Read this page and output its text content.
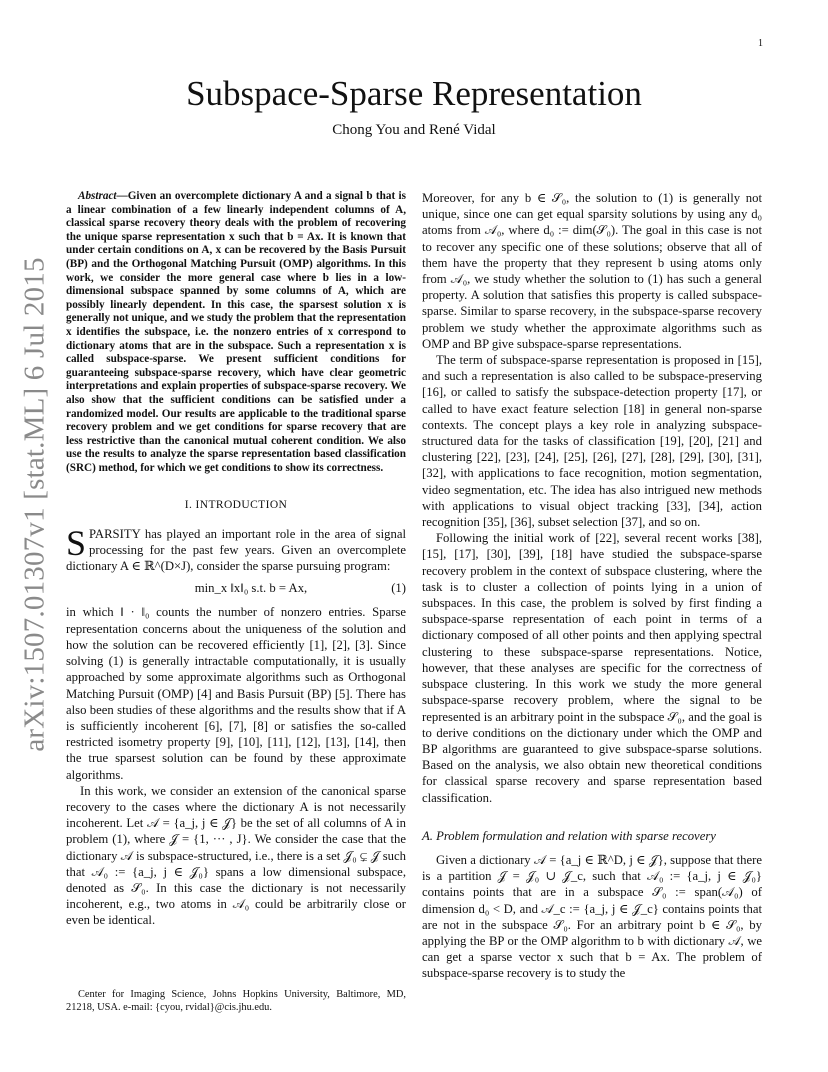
1
arXiv:1507.01307v1 [stat.ML] 6 Jul 2015
Subspace-Sparse Representation
Chong You and René Vidal

Abstract—Given an overcomplete dictionary A and a signal b that is a linear combination of a few linearly independent columns of A, classical sparse recovery theory deals with the problem of recovering the unique sparse representation x such that b = Ax. It is known that under certain conditions on A, x can be recovered by the Basis Pursuit (BP) and the Orthogonal Matching Pursuit (OMP) algorithms. In this work, we consider the more general case where b lies in a low-dimensional subspace spanned by some columns of A, which are possibly linearly dependent. In this case, the sparsest solution x is generally not unique, and we study the problem that the representation x identifies the subspace, i.e. the nonzero entries of x correspond to dictionary atoms that are in the subspace. Such a representation x is called subspace-sparse. We present sufficient conditions for guaranteeing subspace-sparse recovery, which have clear geometric interpretations and explain properties of subspace-sparse recovery. We also show that the sufficient conditions can be satisfied under a randomized model. Our results are applicable to the traditional sparse recovery problem and we get conditions for sparse recovery that are less restrictive than the canonical mutual coherent condition. We also use the results to analyze the sparse representation based classification (SRC) method, for which we get conditions to show its correctness.

I. INTRODUCTION

SPARSITY has played an important role in the area of signal processing for the past few years. Given an overcomplete dictionary A ∈ ℝ^(D×J), consider the sparse pursuing program:

min_x ‖x‖₀ s.t. b = Ax,	(1)

in which ‖ · ‖₀ counts the number of nonzero entries. Sparse representation concerns about the uniqueness of the solution and how the solution can be recovered efficiently [1], [2], [3]. Since solving (1) is generally intractable computationally, it is usually approached by some approximate algorithms such as Orthogonal Matching Pursuit (OMP) [4] and Basis Pursuit (BP) [5]. There has also been studies of these algorithms and the results show that if A is sufficiently incoherent [6], [7], [8] or satisfies the so-called restricted isometry property [9], [10], [11], [12], [13], [14], then the true sparsest solution can be found by these approximate algorithms.

In this work, we consider an extension of the canonical sparse recovery to the cases where the dictionary A is not necessarily incoherent. Let 𝒜 = {a_j, j ∈ 𝒥} be the set of all columns of A in problem (1), where 𝒥 = {1, ··· , J}. We consider the case that the dictionary 𝒜 is subspace-structured, i.e., there is a set 𝒥₀ ⊊ 𝒥 such that 𝒜₀ := {a_j, j ∈ 𝒥₀} spans a low dimensional subspace, denoted as 𝒮₀. In this case the dictionary is not necessarily incoherent, e.g., two atoms in 𝒜₀ could be arbitrarily close or even be identical.

Center for Imaging Science, Johns Hopkins University, Baltimore, MD, 21218, USA. e-mail: {cyou, rvidal}@cis.jhu.edu.

Moreover, for any b ∈ 𝒮₀, the solution to (1) is generally not unique, since one can get equal sparsity solutions by using any d₀ atoms from 𝒜₀, where d₀ := dim(𝒮₀). The goal in this case is not to recover any specific one of these solutions; observe that all of them have the property that they represent b using atoms only from 𝒜₀, we study whether the solution to (1) has such a general property. A solution that satisfies this property is called subspace-sparse. Similar to sparse recovery, in the subspace-sparse recovery problem we study whether the approximate algorithms such as OMP and BP give subspace-sparse representations.

The term of subspace-sparse representation is proposed in [15], and such a representation is also called to be subspace-preserving [16], or called to satisfy the subspace-detection property [17], or called to have exact feature selection [18] in general non-sparse contexts. The concept plays a key role in analyzing subspace-structured data for the tasks of classification [19], [20], [21] and clustering [22], [23], [24], [25], [26], [27], [28], [29], [30], [31], [32], with applications to face recognition, motion segmentation, video segmentation, etc. The idea has also intrigued new methods with applications to visual object tracking [33], [34], action recognition [35], [36], subset selection [37], and so on.

Following the initial work of [22], several recent works [38], [15], [17], [30], [39], [18] have studied the subspace-sparse recovery problem in the context of subspace clustering, where the task is to cluster a collection of points lying in a union of subspaces. In this case, the problem is solved by first finding a subspace-sparse representation of each point in terms of a dictionary composed of all other points and then applying spectral clustering to these subspace-sparse representations. Notice, however, that these analyses are specific for the correctness of subspace clustering. In this work we study the more general subspace-sparse recovery problem, where the signal to be represented is an arbitrary point in the subspace 𝒮₀, and the goal is to derive conditions on the dictionary under which the OMP and BP algorithms are guaranteed to give subspace-sparse solutions. Based on the analysis, we also obtain new theoretical conditions for classical sparse recovery and sparse representation based classification.

A. Problem formulation and relation with sparse recovery

Given a dictionary 𝒜 = {a_j ∈ ℝ^D, j ∈ 𝒥}, suppose that there is a partition 𝒥 = 𝒥₀ ∪ 𝒥_c, such that 𝒜₀ := {a_j, j ∈ 𝒥₀} contains points that are in a subspace 𝒮₀ := span(𝒜₀) of dimension d₀ < D, and 𝒜_c := {a_j, j ∈ 𝒥_c} contains points that are not in the subspace 𝒮₀. For an arbitrary point b ∈ 𝒮₀, by applying the BP or the OMP algorithm to b with dictionary 𝒜, we can get a sparse vector x such that b = Ax. The problem of subspace-sparse recovery is to study the
